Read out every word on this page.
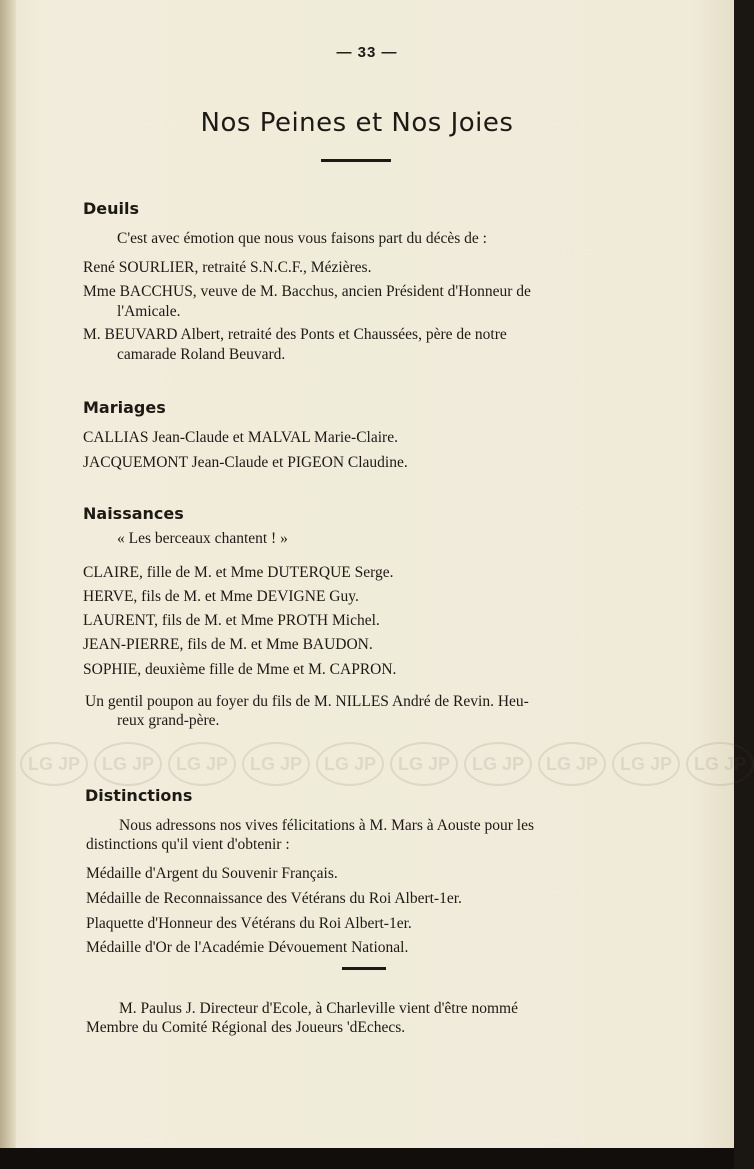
— 33 —
Nos Peines et Nos Joies
Deuils
C'est avec émotion que nous vous faisons part du décès de :
René SOURLIER, retraité S.N.C.F., Mézières.
Mme BACCHUS, veuve de M. Bacchus, ancien Président d'Honneur de
l'Amicale.
M. BEUVARD Albert, retraité des Ponts et Chaussées, père de notre
camarade Roland Beuvard.
Mariages
CALLIAS Jean-Claude et MALVAL Marie-Claire.
JACQUEMONT Jean-Claude et PIGEON Claudine.
Naissances
« Les berceaux chantent ! »
CLAIRE, fille de M. et Mme DUTERQUE Serge.
HERVE, fils de M. et Mme DEVIGNE Guy.
LAURENT, fils de M. et Mme PROTH Michel.
JEAN-PIERRE, fils de M. et Mme BAUDON.
SOPHIE, deuxième fille de Mme et M. CAPRON.
Un gentil poupon au foyer du fils de M. NILLES André de Revin. Heu-
reux grand-père.
LG JP	LG JP	LG JP	LG JP	LG JP	LG JP	LG JP	LG JP	LG JP	LG JP
Distinctions
Nous adressons nos vives félicitations à M. Mars à Aouste pour les
distinctions qu'il vient d'obtenir :
Médaille d'Argent du Souvenir Français.
Médaille de Reconnaissance des Vétérans du Roi Albert-1er.
Plaquette d'Honneur des Vétérans du Roi Albert-1er.
Médaille d'Or de l'Académie Dévouement National.
M. Paulus J. Directeur d'Ecole, à Charleville vient d'être nommé
Membre du Comité Régional des Joueurs 'dEchecs.
